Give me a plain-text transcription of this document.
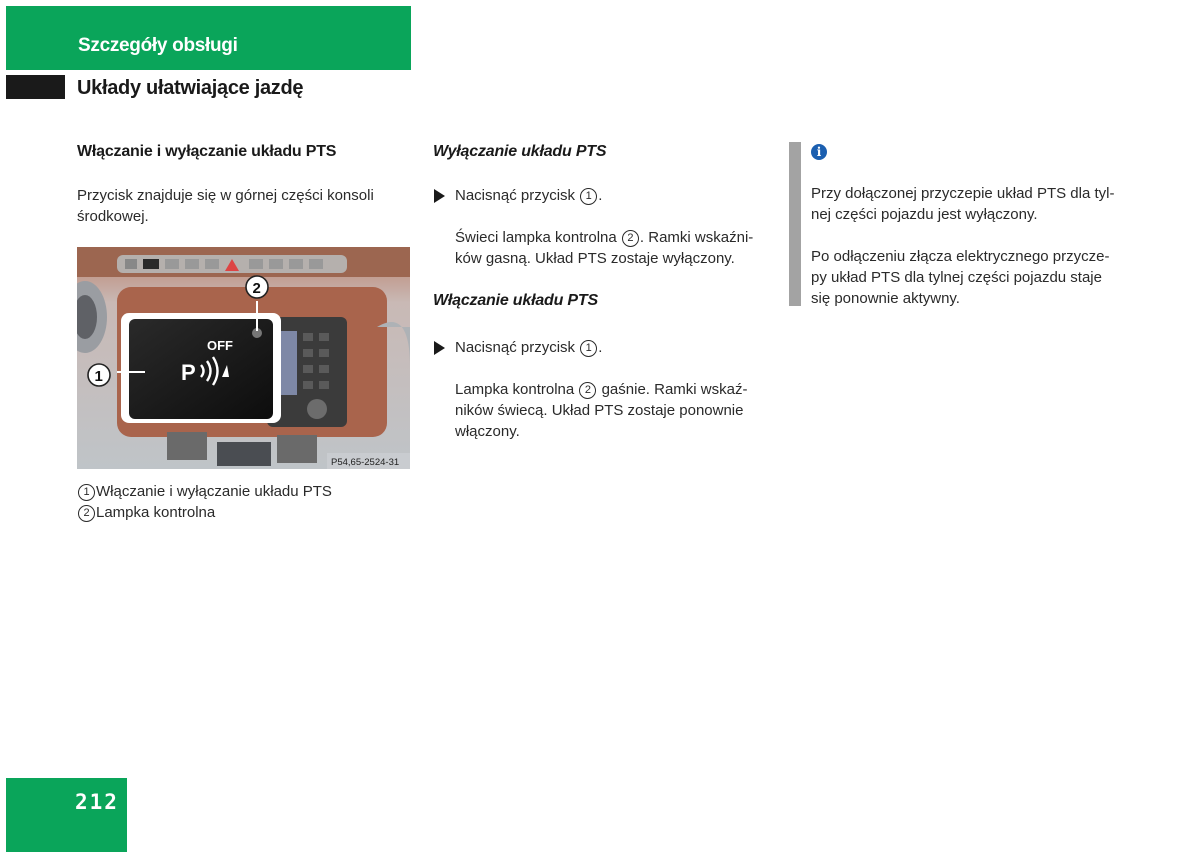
Szczegóły obsługi
Układy ułatwiające jazdę
Włączanie i wyłączanie układu PTS
Przycisk znajduje się w górnej części konsoli
środkowej.
OFF
P
1
2
P54,65-2524-31
1 Włączanie i wyłączanie układu PTS
2 Lampka kontrolna
Wyłączanie układu PTS
Nacisnąć przycisk 1 .
Świeci lampka kontrolna 2 . Ramki wskaźni-
ków gasną. Układ PTS zostaje wyłączony.
Włączanie układu PTS
Nacisnąć przycisk 1 .
Lampka kontrolna 2 gaśnie. Ramki wskaź-
ników świecą. Układ PTS zostaje ponownie
włączony.
i
Przy dołączonej przyczepie układ PTS dla tyl-
nej części pojazdu jest wyłączony.
Po odłączeniu złącza elektrycznego przycze-
py układ PTS dla tylnej części pojazdu staje
się ponownie aktywny.
212
